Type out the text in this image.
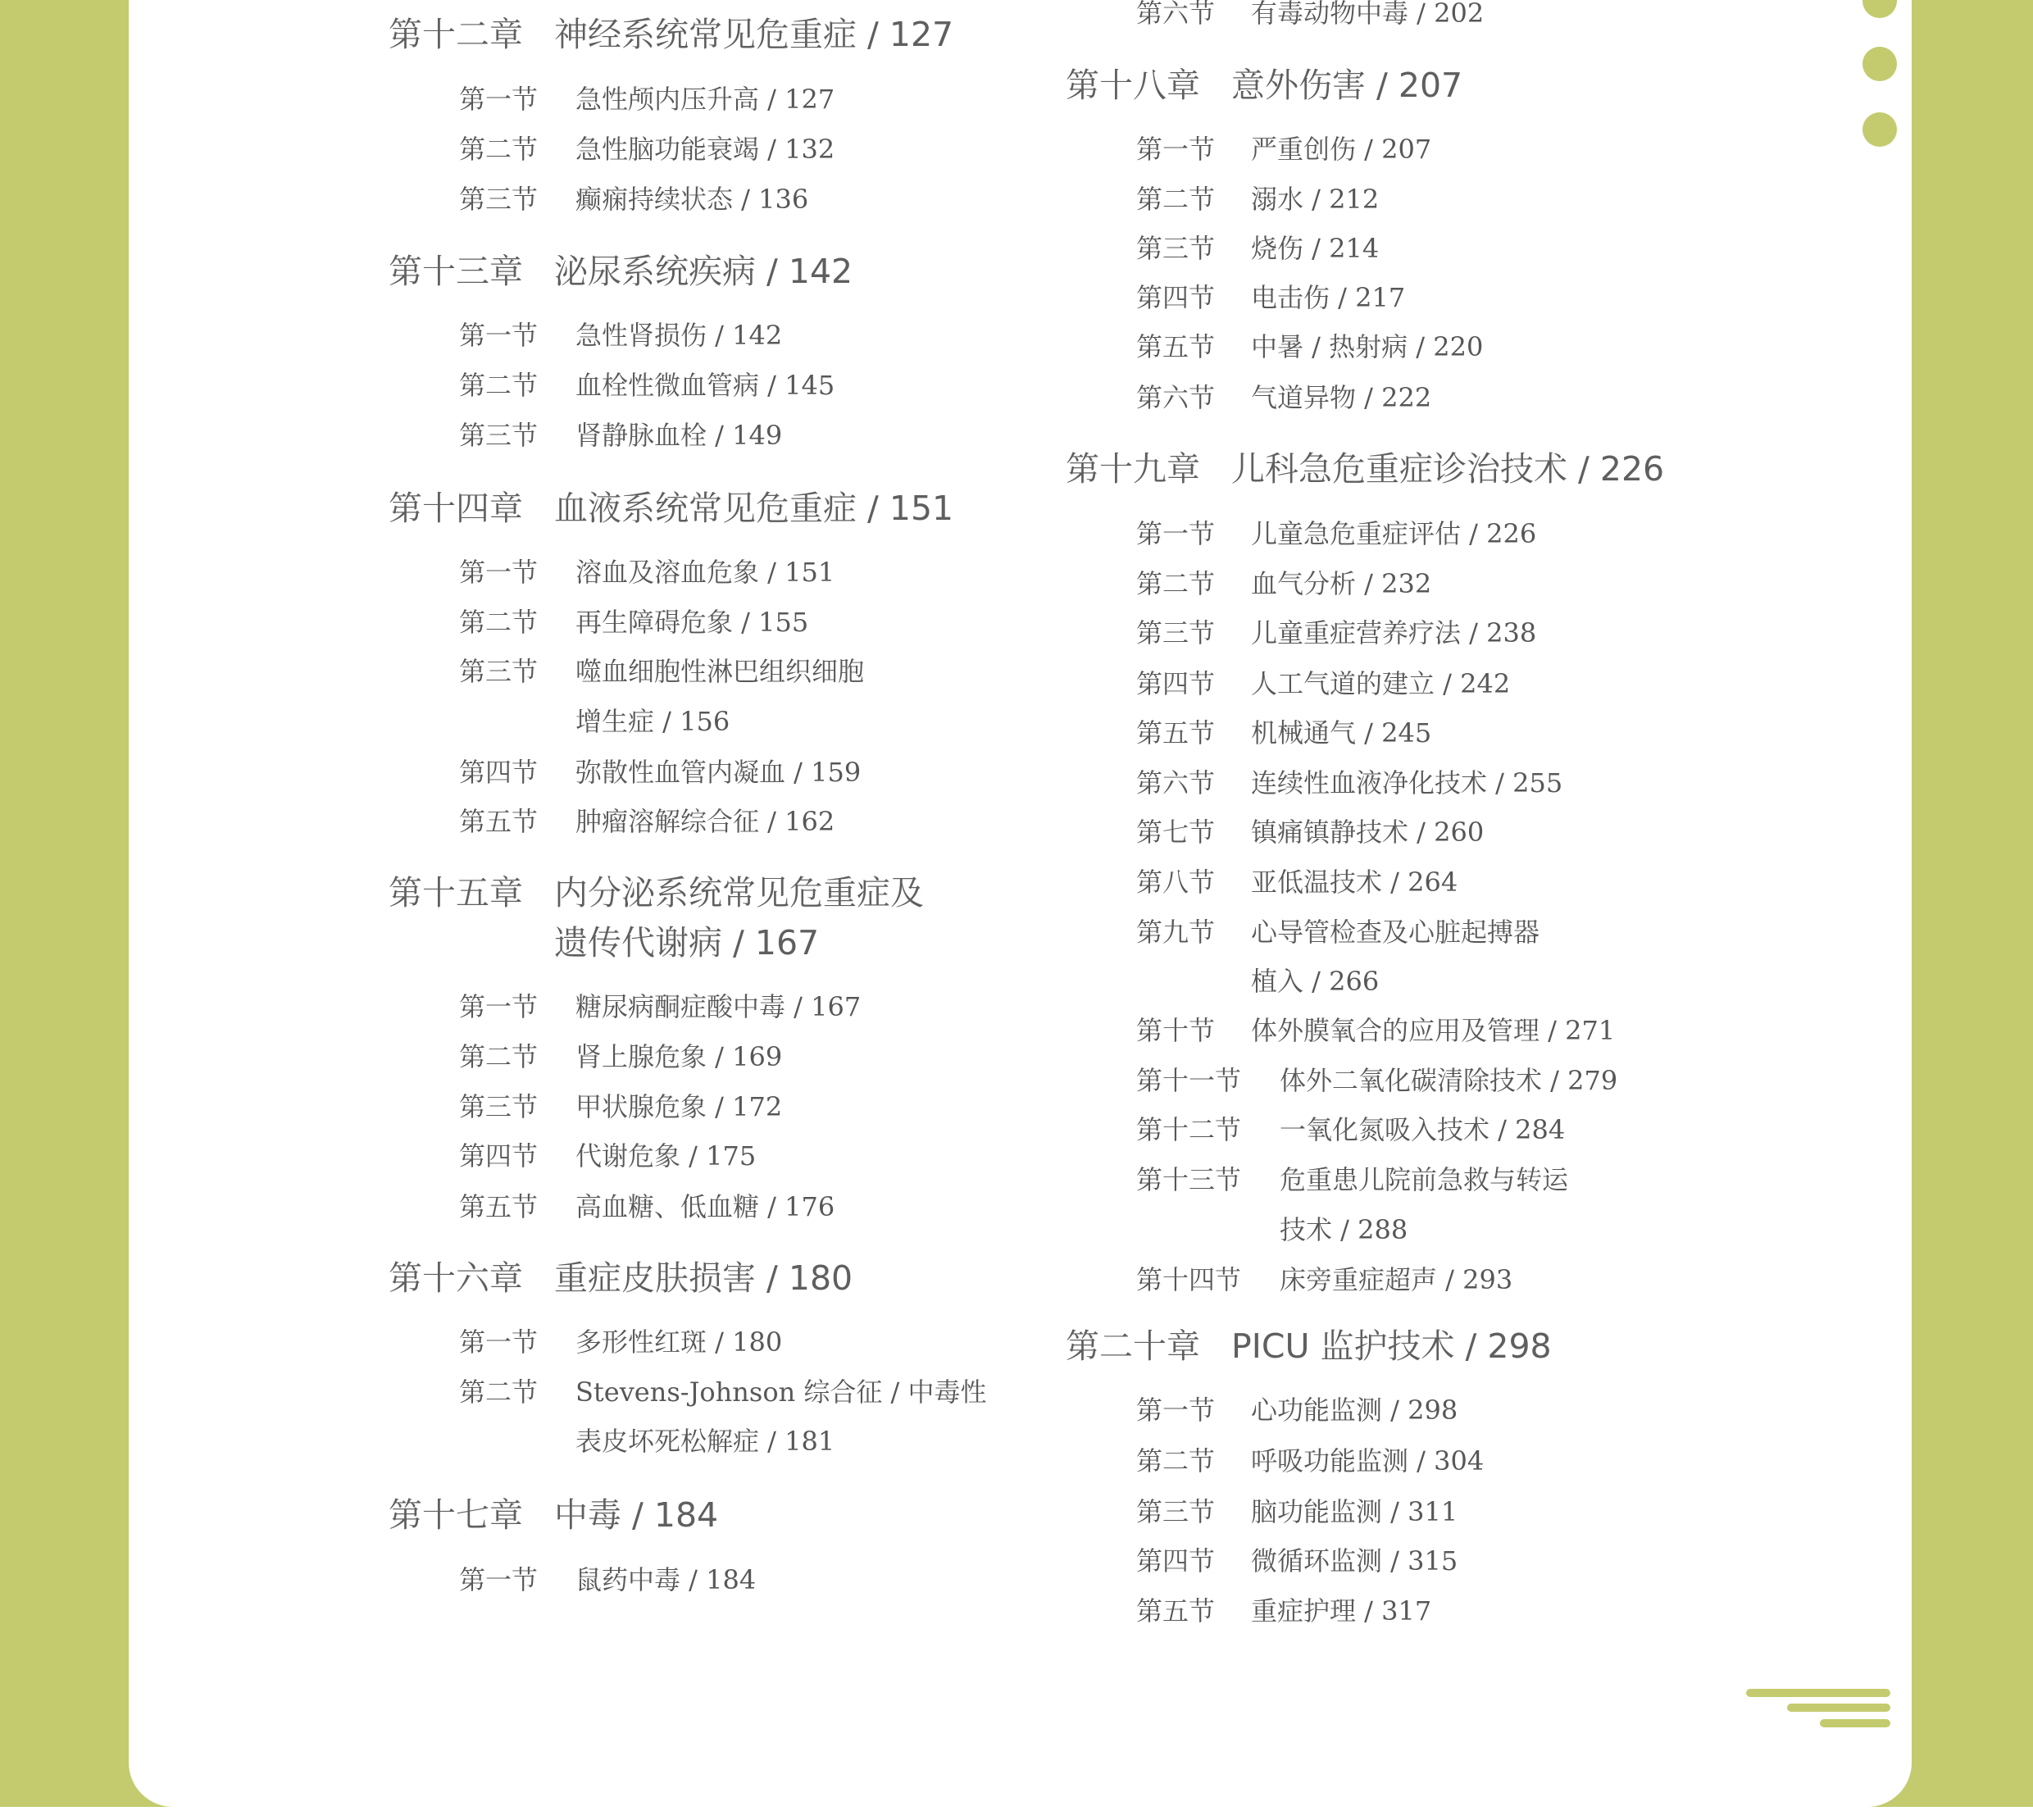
第十二章 神经系统常见危重症 / 127
第一节 急性颅内压升高 / 127
第二节 急性脑功能衰竭 / 132
第三节 癫痫持续状态 / 136
第十三章 泌尿系统疾病 / 142
第一节 急性肾损伤 / 142
第二节 血栓性微血管病 / 145
第三节 肾静脉血栓 / 149
第十四章 血液系统常见危重症 / 151
第一节 溶血及溶血危象 / 151
第二节 再生障碍危象 / 155
第三节 噬血细胞性淋巴组织细胞
增生症 / 156
第四节 弥散性血管内凝血 / 159
第五节 肿瘤溶解综合征 / 162
第十五章 内分泌系统常见危重症及
遗传代谢病 / 167
第一节 糖尿病酮症酸中毒 / 167
第二节 肾上腺危象 / 169
第三节 甲状腺危象 / 172
第四节 代谢危象 / 175
第五节 高血糖、低血糖 / 176
第十六章 重症皮肤损害 / 180
第一节 多形性红斑 / 180
第二节 Stevens-Johnson 综合征 / 中毒性
表皮坏死松解症 / 181
第十七章 中毒 / 184
第一节 鼠药中毒 / 184
第六节 有毒动物中毒 / 202
第十八章 意外伤害 / 207
第一节 严重创伤 / 207
第二节 溺水 / 212
第三节 烧伤 / 214
第四节 电击伤 / 217
第五节 中暑 / 热射病 / 220
第六节 气道异物 / 222
第十九章 儿科急危重症诊治技术 / 226
第一节 儿童急危重症评估 / 226
第二节 血气分析 / 232
第三节 儿童重症营养疗法 / 238
第四节 人工气道的建立 / 242
第五节 机械通气 / 245
第六节 连续性血液净化技术 / 255
第七节 镇痛镇静技术 / 260
第八节 亚低温技术 / 264
第九节 心导管检查及心脏起搏器
植入 / 266
第十节 体外膜氧合的应用及管理 / 271
第十一节 体外二氧化碳清除技术 / 279
第十二节 一氧化氮吸入技术 / 284
第十三节 危重患儿院前急救与转运
技术 / 288
第十四节 床旁重症超声 / 293
第二十章 PICU 监护技术 / 298
第一节 心功能监测 / 298
第二节 呼吸功能监测 / 304
第三节 脑功能监测 / 311
第四节 微循环监测 / 315
第五节 重症护理 / 317
